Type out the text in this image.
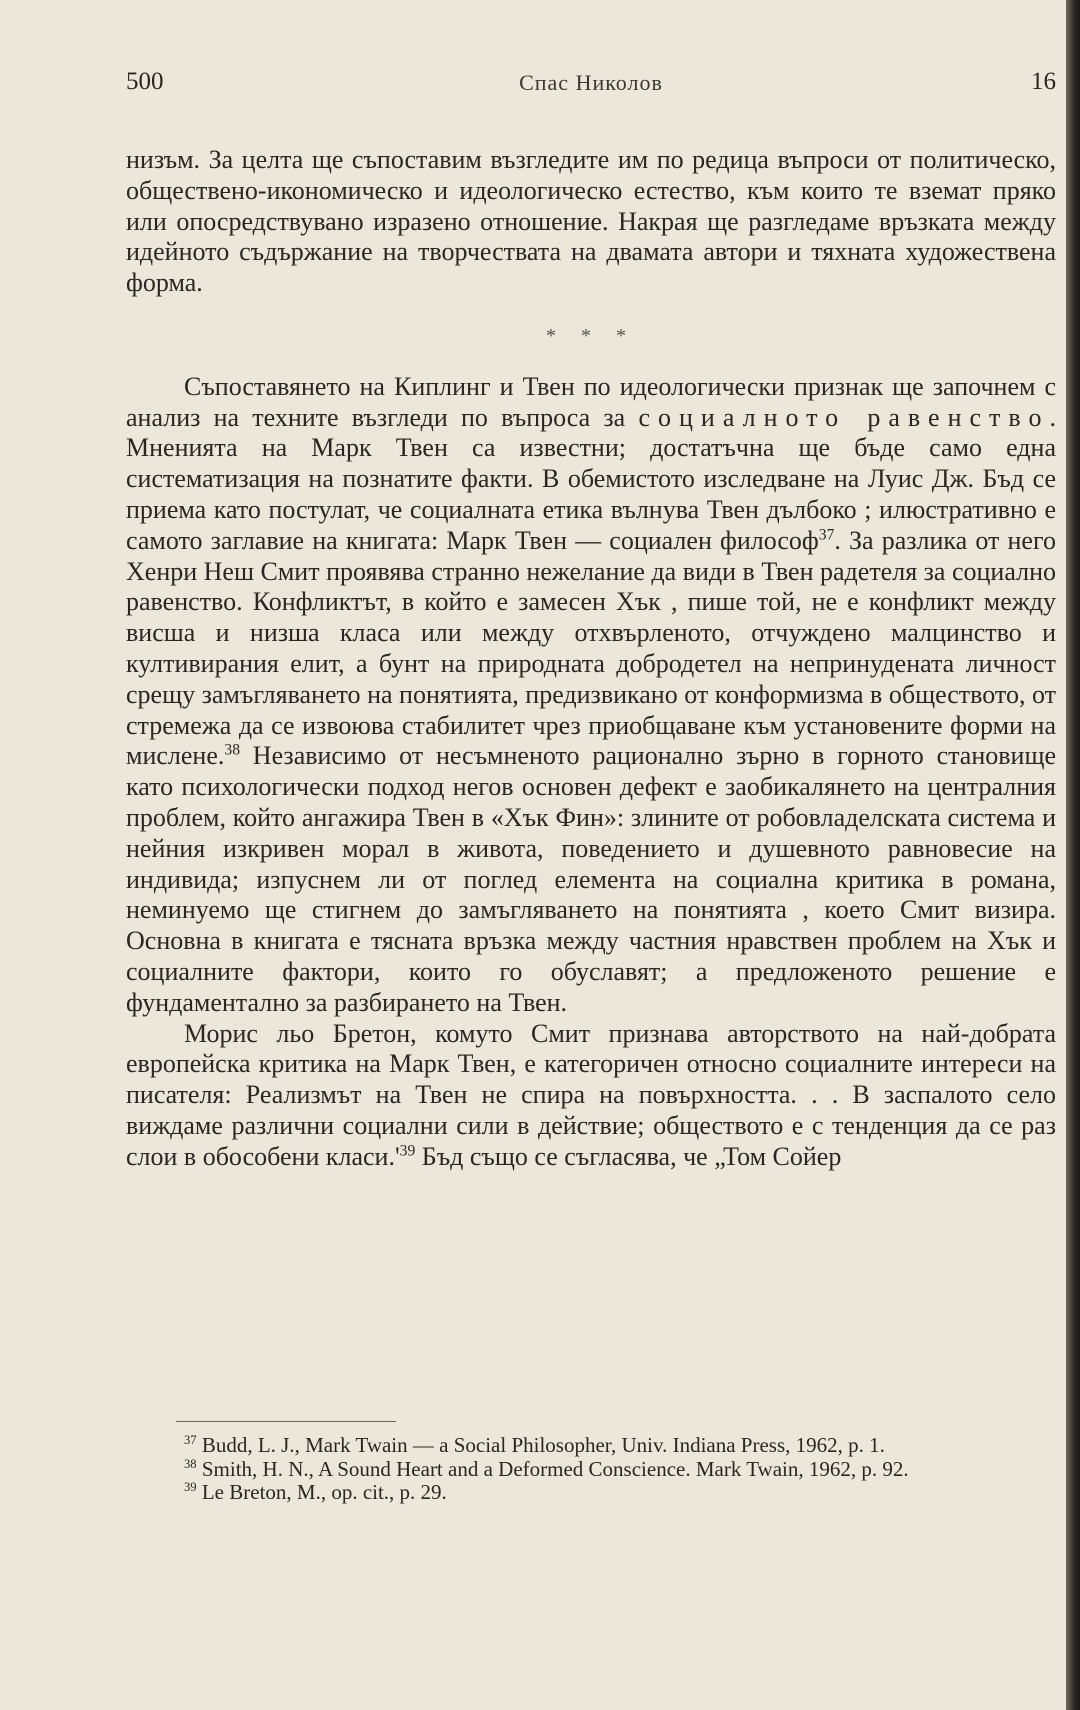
500	Спас Николов	16

низъм. За целта ще съпоставим възгледите им по редица въпроси от политическо, обществено-икономическо и идеологическо естество, към които те вземат пряко или опосредствувано изразено отношение. Накрая ще разгледаме връзката между идейното съдържание на творчествата на двамата автори и тяхната художествена форма.

* * *

Съпоставянето на Киплинг и Твен по идеологически признак ще започнем с анализ на техните възгледи по въпроса за социалното равенство. Мненията на Марк Твен са известни; достатъчна ще бъде само една систематизация на познатите факти. В обемистото изследване на Луис Дж. Бъд се приема като постулат, че социалната етика вълнува Твен дълбоко ; илюстративно е самото заглавие на книгата: Марк Твен — социален философ$^{37}$. За разлика от него Хенри Неш Смит проявява странно нежелание да види в Твен радетеля за социално равенство. Конфликтът, в който е замесен Хък , пише той, не е конфликт между висша и низша класа или между отхвърленото, отчуждено малцинство и култивирания елит, а бунт на природната добродетел на непринудената личност срещу замъгляването на понятията, предизвикано от конформизма в обществото, от стремежа да се извоюва стабилитет чрез приобщаване към установените форми на мислене.$^{38}$ Независимо от несъмненото рационално зърно в горното становище като психологически подход негов основен дефект е заобикалянето на централния проблем, който ангажира Твен в «Хък Фин»: злините от робовладелската система и нейния изкривен морал в живота, поведението и душевното равновесие на индивида; изпуснем ли от поглед елемента на социална критика в романа, неминуемо ще стигнем до замъгляването на понятията , което Смит визира. Основна в книгата е тясната връзка между частния нравствен проблем на Хък и социалните фактори, които го обуславят; а предложеното решение е фундаментално за разбирането на Твен.

Морис льо Бретон, комуто Смит признава авторството на най-добрата европейска критика на Марк Твен, е категоричен относно социалните интереси на писателя: Реализмът на Твен не спира на повърхността. . . В заспалото село виждаме различни социални сили в действие; обществото е с тенденция да се раз слои в обособени $класи.'^{39}$ Бъд също се съгласява, че „Том Сойер

$^{37}$ Budd, L. J., Mark Twain — a Social Philosopher, Univ. Indiana Press, 1962, p. 1.

$^{38}$ Smith, H. N., A Sound Heart and a Deformed Conscience. Mark Twain, 1962, p. 92.

$^{39}$ Le Breton, M., op. cit., p. 29.
